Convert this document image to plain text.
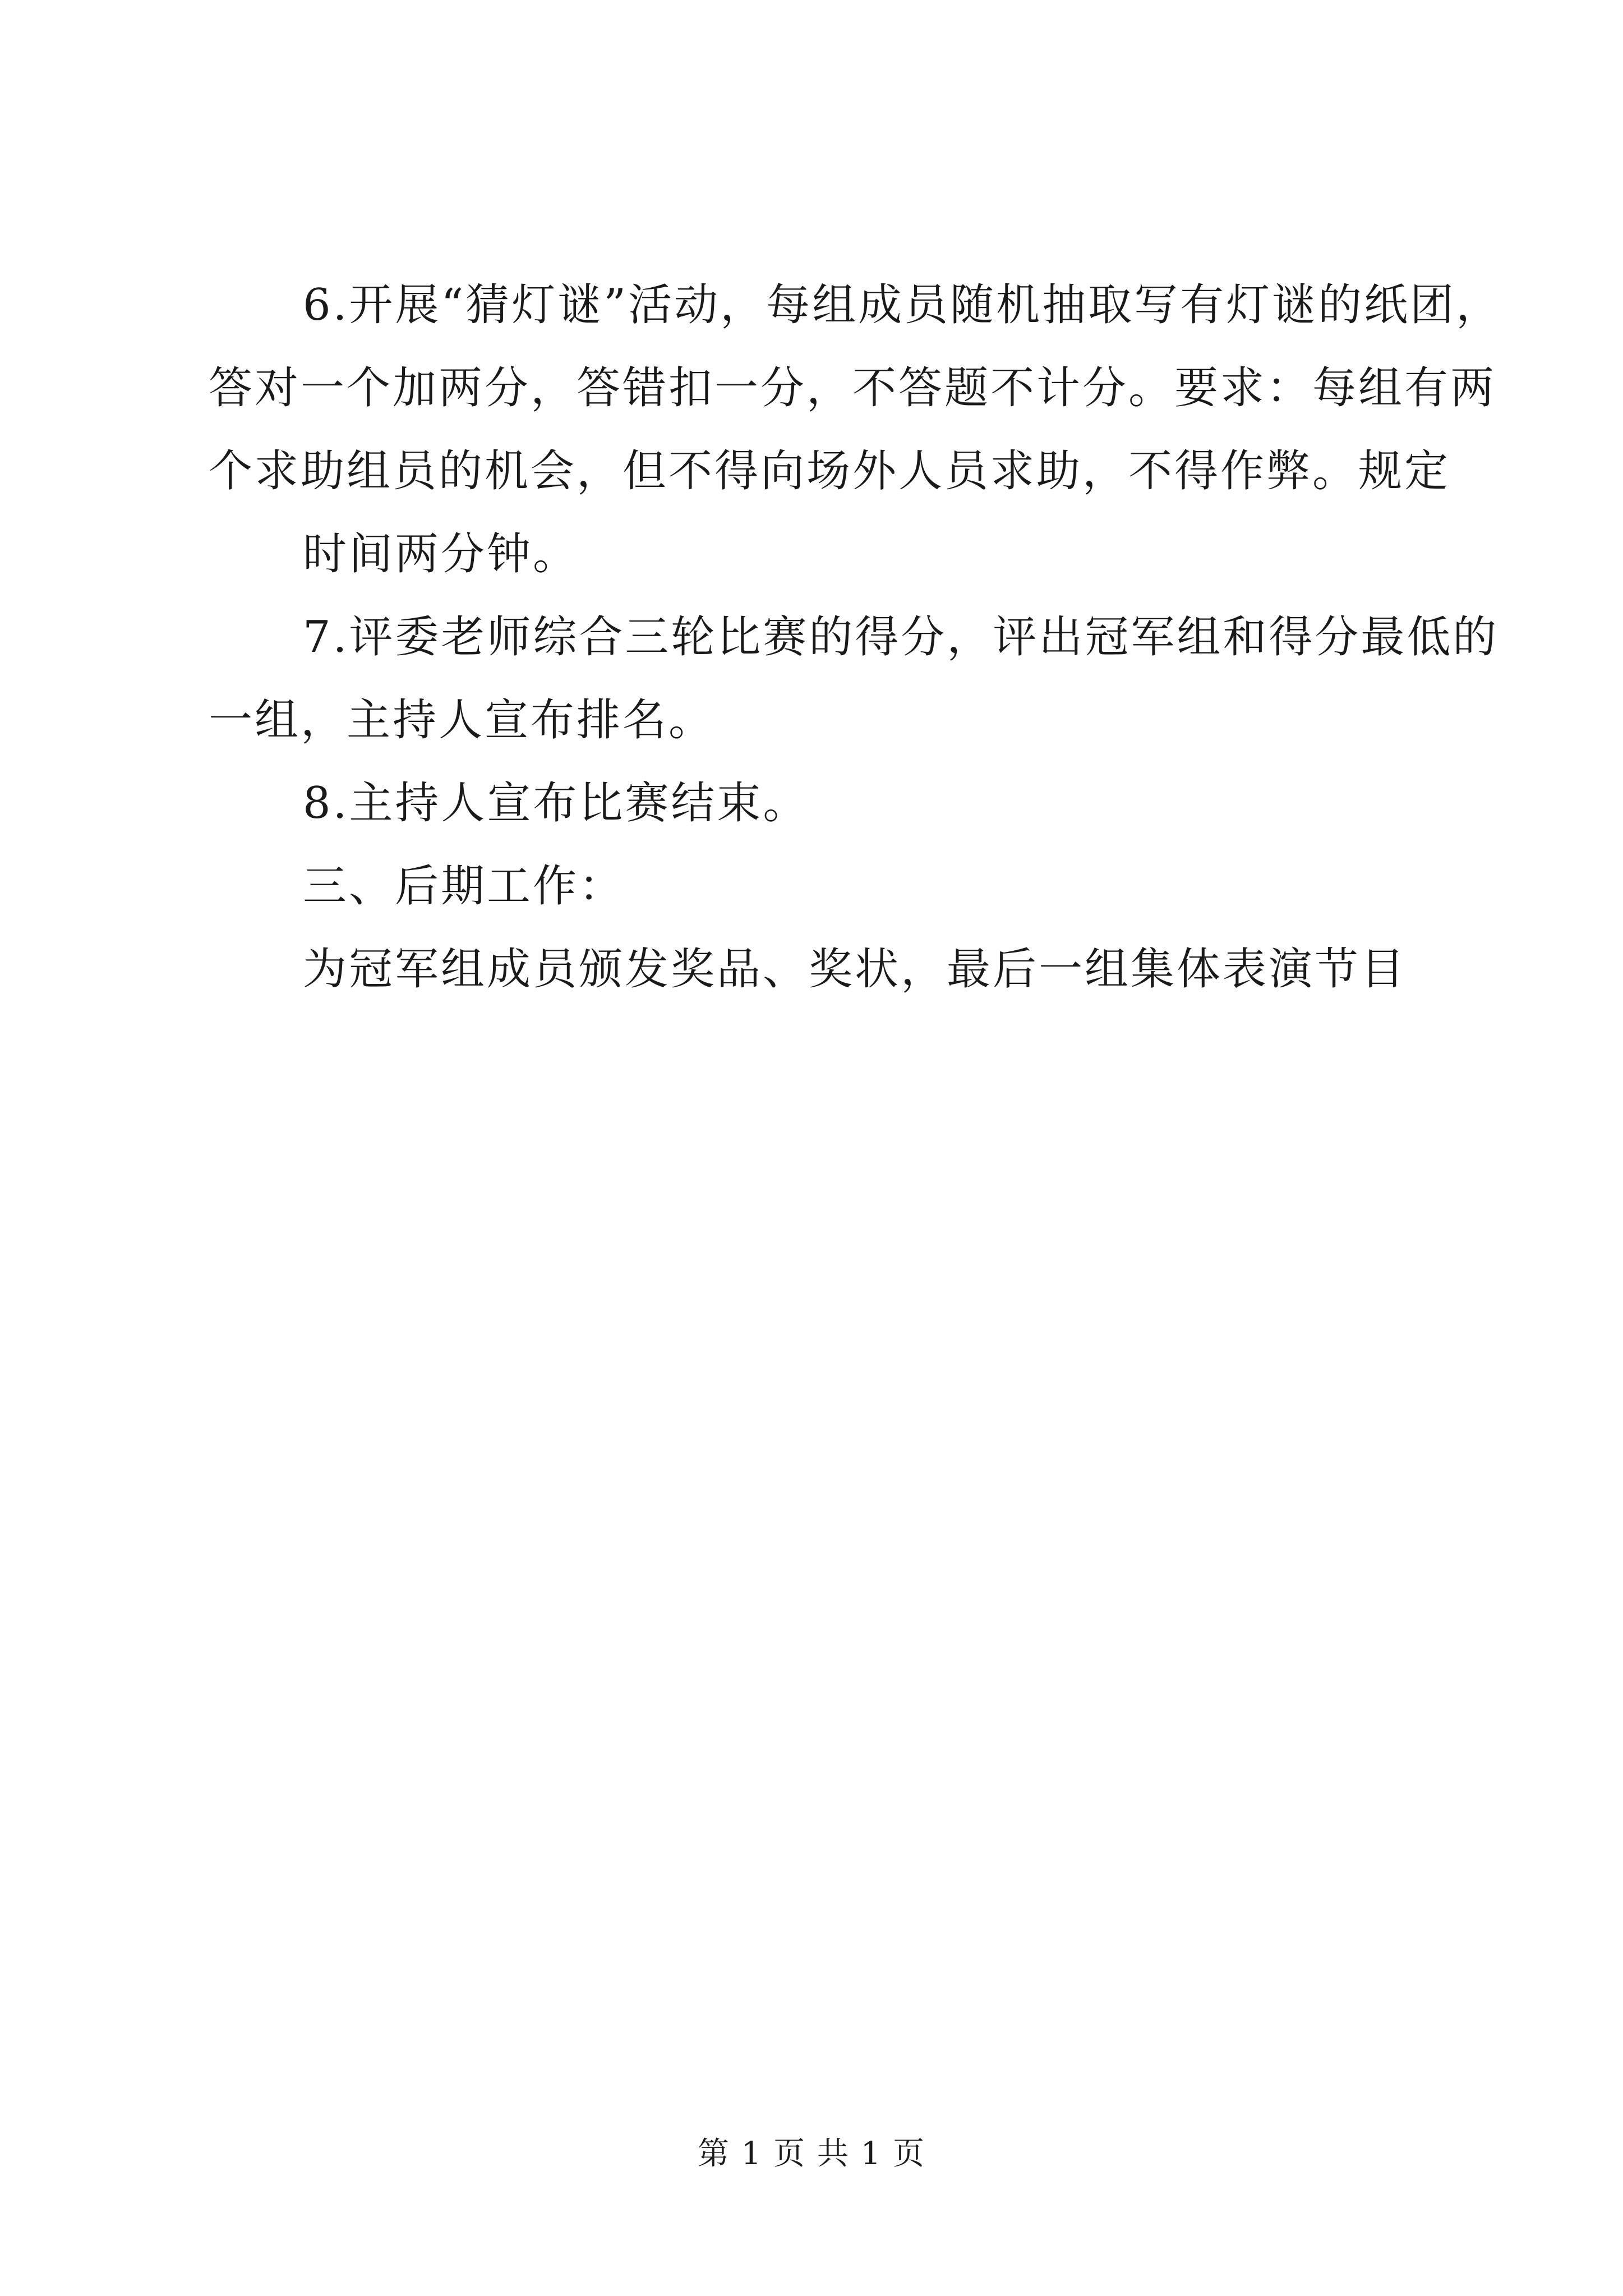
6.开展“猜灯谜”活动，每组成员随机抽取写有灯谜的纸团，

答对一个加两分，答错扣一分，不答题不计分。要求：每组有两

个求助组员的机会，但不得向场外人员求助，不得作弊。规定

时间两分钟。

7.评委老师综合三轮比赛的得分，评出冠军组和得分最低的

一组，主持人宣布排名。

8.主持人宣布比赛结束。

三、后期工作：

为冠军组成员颁发奖品、奖状，最后一组集体表演节目

第 1 页 共 1 页
